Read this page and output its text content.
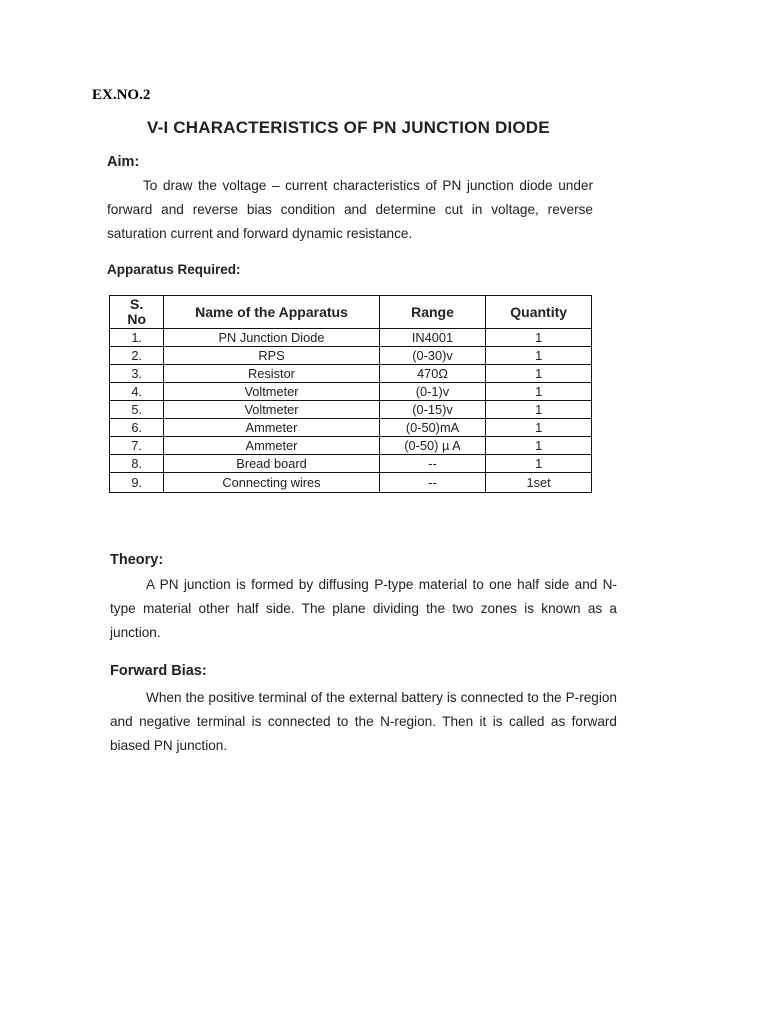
EX.NO.2
V-I CHARACTERISTICS OF PN JUNCTION DIODE
Aim:
To draw the voltage – current characteristics of PN junction diode under forward and reverse bias condition and determine cut in voltage, reverse saturation current and forward dynamic resistance.
Apparatus Required:
S.
No	Name of the Apparatus	Range	Quantity
1.	PN Junction Diode	IN4001	1
2.	RPS	(0-30)v	1
3.	Resistor	470Ω	1
4.	Voltmeter	(0-1)v	1
5.	Voltmeter	(0-15)v	1
6.	Ammeter	(0-50)mA	1
7.	Ammeter	(0-50) µ A	1
8.	Bread board	--	1
9.	Connecting wires	--	1set
Theory:
A PN junction is formed by diffusing P-type material to one half side and N-type material other half side. The plane dividing the two zones is known as a junction.
Forward Bias:
When the positive terminal of the external battery is connected to the P-region and negative terminal is connected to the N-region. Then it is called as forward biased PN junction.
